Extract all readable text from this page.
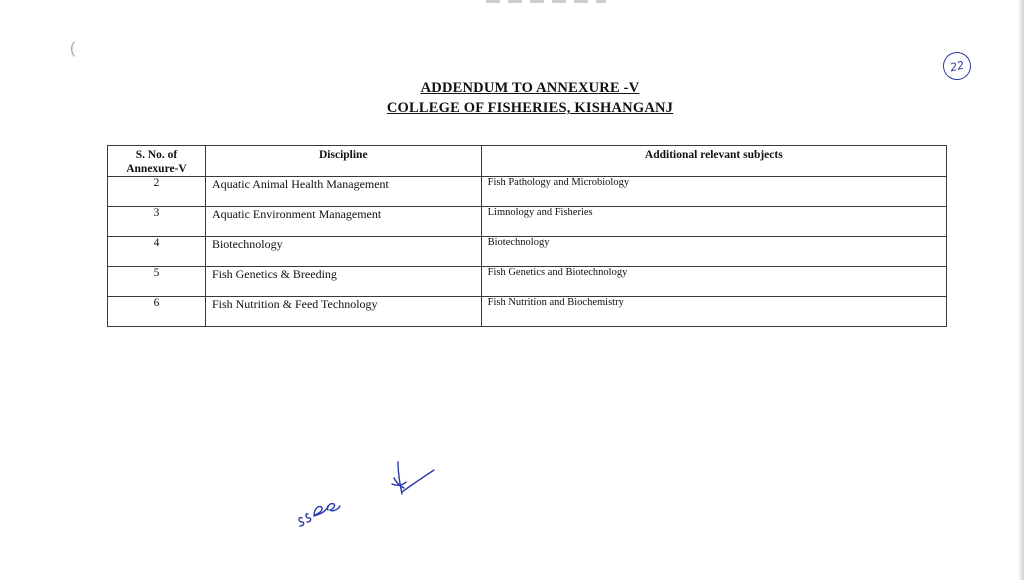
(
22
ADDENDUM TO ANNEXURE -V
COLLEGE OF FISHERIES, KISHANGANJ
S. No. of
Annexure-V	Discipline	Additional relevant subjects
2	Aquatic Animal Health Management	Fish Pathology and Microbiology
3	Aquatic Environment Management	Limnology and Fisheries
4	Biotechnology	Biotechnology
5	Fish Genetics & Breeding	Fish Genetics and Biotechnology
6	Fish Nutrition & Feed Technology	Fish Nutrition and Biochemistry
